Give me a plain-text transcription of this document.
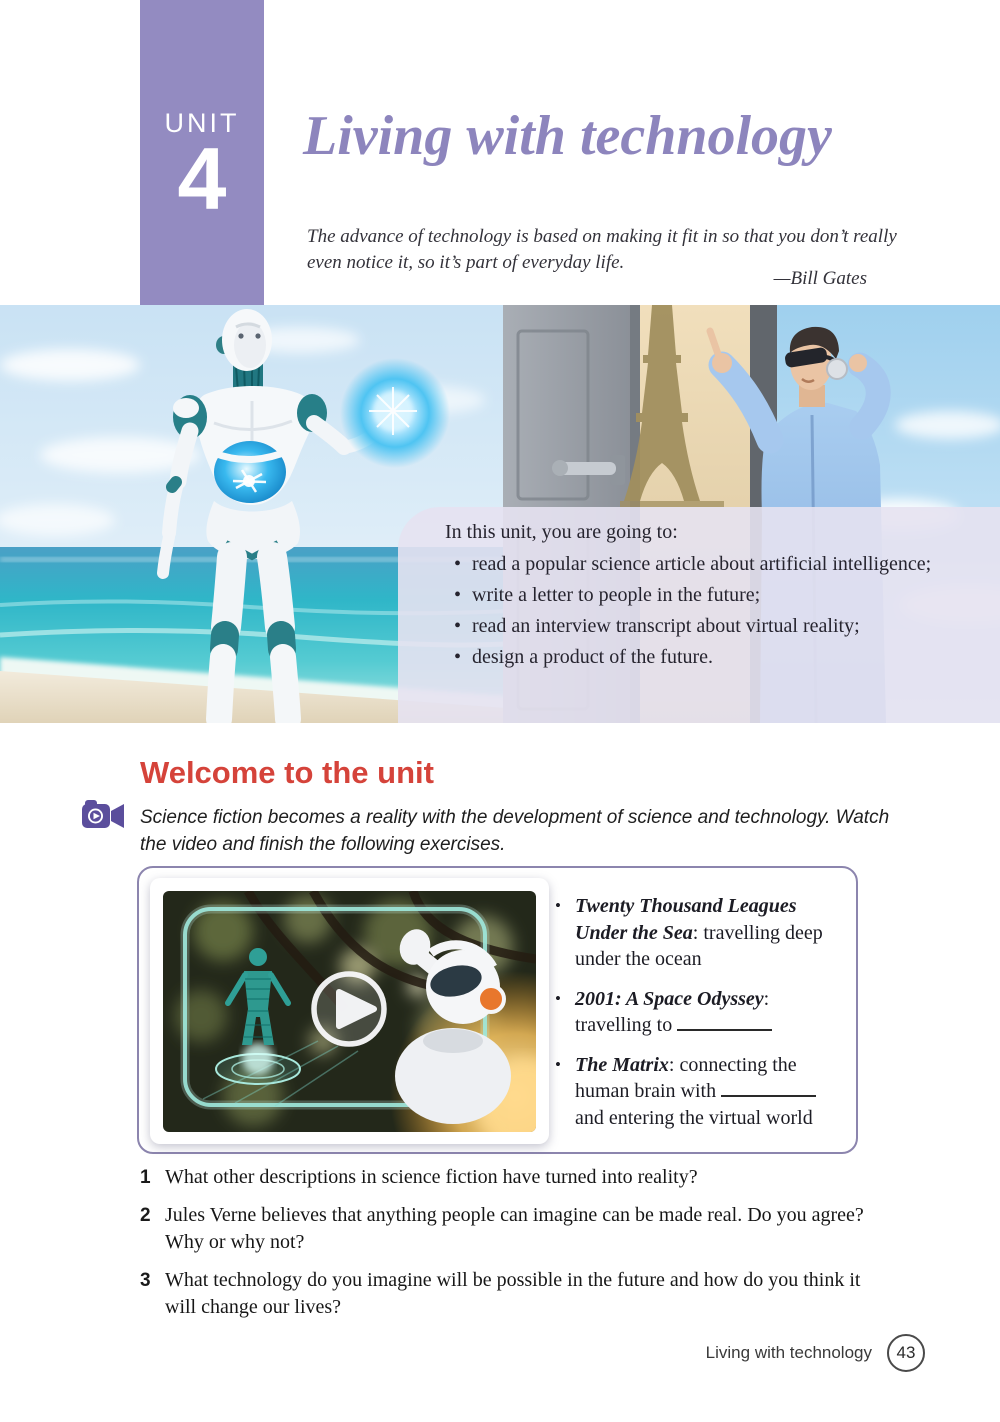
UNIT
4	Living with technology
The advance of technology is based on making it fit in so that you don’t really even notice it, so it’s part of everyday life.
—Bill Gates

In this unit, you are going to:

• read a popular science article about artificial intelligence;
• write a letter to people in the future;
• read an interview transcript about virtual reality;
• design a product of the future.
Welcome to the unit
Science fiction becomes a reality with the development of science and technology. Watch the video and finish the following exercises.
• Twenty Thousand Leagues Under the Sea: travelling deep under the ocean
• 2001: A Space Odyssey: travelling to
• The Matrix: connecting the human brain with and entering the virtual world
1 What other descriptions in science fiction have turned into reality?
2 Jules Verne believes that anything people can imagine can be made real. Do you agree? Why or why not?
3 What technology do you imagine will be possible in the future and how do you think it will change our lives?
Living with technology	43
